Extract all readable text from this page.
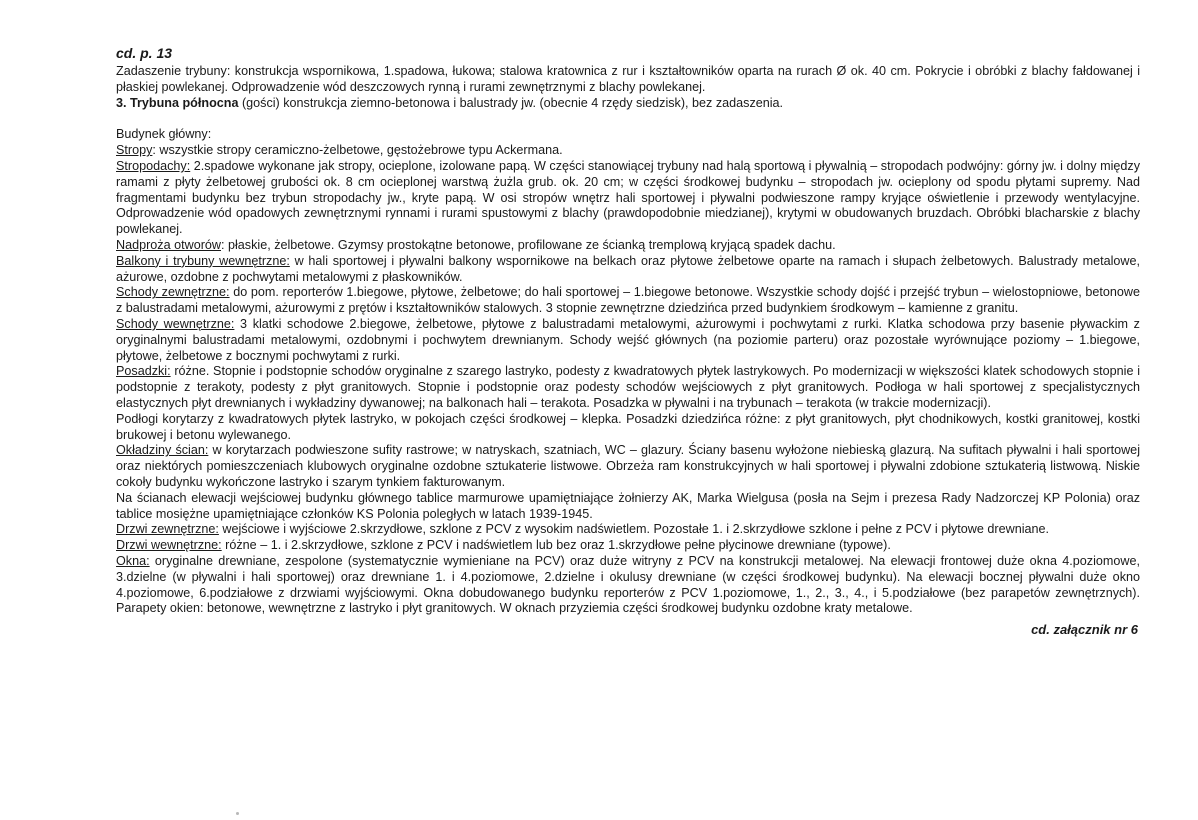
cd. p. 13

Zadaszenie trybuny: konstrukcja wspornikowa, 1.spadowa, łukowa; stalowa kratownica z rur i kształtowników oparta na rurach Ø ok. 40 cm. Pokrycie i obróbki z blachy fałdowanej i płaskiej powlekanej. Odprowadzenie wód deszczowych rynną i rurami zewnętrznymi z blachy powlekanej.

3. Trybuna północna (gości) konstrukcja ziemno-betonowa i balustrady jw. (obecnie 4 rzędy siedzisk), bez zadaszenia.

Budynek główny:

Stropy: wszystkie stropy ceramiczno-żelbetowe, gęstożebrowe typu Ackermana.

Stropodachy: 2.spadowe wykonane jak stropy, ocieplone, izolowane papą. W części stanowiącej trybuny nad halą sportową i pływalnią – stropodach podwójny: górny jw. i dolny między ramami z płyty żelbetowej grubości ok. 8 cm ocieplonej warstwą żużla grub. ok. 20 cm; w części środkowej budynku – stropodach jw. ocieplony od spodu płytami supremy. Nad fragmentami budynku bez trybun stropodachy jw., kryte papą. W osi stropów wnętrz hali sportowej i pływalni podwieszone rampy kryjące oświetlenie i przewody wentylacyjne. Odprowadzenie wód opadowych zewnętrznymi rynnami i rurami spustowymi z blachy (prawdopodobnie miedzianej), krytymi w obudowanych bruzdach. Obróbki blacharskie z blachy powlekanej.

Nadproża otworów: płaskie, żelbetowe. Gzymsy prostokątne betonowe, profilowane ze ścianką tremplową kryjącą spadek dachu.

Balkony i trybuny wewnętrzne: w hali sportowej i pływalni balkony wspornikowe na belkach oraz płytowe żelbetowe oparte na ramach i słupach żelbetowych. Balustrady metalowe, ażurowe, ozdobne z pochwytami metalowymi z płaskowników.

Schody zewnętrzne: do pom. reporterów 1.biegowe, płytowe, żelbetowe; do hali sportowej – 1.biegowe betonowe. Wszystkie schody dojść i przejść trybun – wielostopniowe, betonowe z balustradami metalowymi, ażurowymi z prętów i kształtowników stalowych. 3 stopnie zewnętrzne dziedzińca przed budynkiem środkowym – kamienne z granitu.

Schody wewnętrzne: 3 klatki schodowe 2.biegowe, żelbetowe, płytowe z balustradami metalowymi, ażurowymi i pochwytami z rurki. Klatka schodowa przy basenie pływackim z oryginalnymi balustradami metalowymi, ozdobnymi i pochwytem drewnianym. Schody wejść głównych (na poziomie parteru) oraz pozostałe wyrównujące poziomy – 1.biegowe, płytowe, żelbetowe z bocznymi pochwytami z rurki.

Posadzki: różne. Stopnie i podstopnie schodów oryginalne z szarego lastryko, podesty z kwadratowych płytek lastrykowych. Po modernizacji w większości klatek schodowych stopnie i podstopnie z terakoty, podesty z płyt granitowych. Stopnie i podstopnie oraz podesty schodów wejściowych z płyt granitowych. Podłoga w hali sportowej z specjalistycznych elastycznych płyt drewnianych i wykładziny dywanowej; na balkonach hali – terakota. Posadzka w pływalni i na trybunach – terakota (w trakcie modernizacji).

Podłogi korytarzy z kwadratowych płytek lastryko, w pokojach części środkowej – klepka. Posadzki dziedzińca różne: z płyt granitowych, płyt chodnikowych, kostki granitowej, kostki brukowej i betonu wylewanego.

Okładziny ścian: w korytarzach podwieszone sufity rastrowe; w natryskach, szatniach, WC – glazury. Ściany basenu wyłożone niebieską glazurą. Na sufitach pływalni i hali sportowej oraz niektórych pomieszczeniach klubowych oryginalne ozdobne sztukaterie listwowe. Obrzeża ram konstrukcyjnych w hali sportowej i pływalni zdobione sztukaterią listwową. Niskie cokoły budynku wykończone lastryko i szarym tynkiem fakturowanym.

Na ścianach elewacji wejściowej budynku głównego tablice marmurowe upamiętniające żołnierzy AK, Marka Wielgusa (posła na Sejm i prezesa Rady Nadzorczej KP Polonia) oraz tablice mosiężne upamiętniające członków KS Polonia poległych w latach 1939-1945.

Drzwi zewnętrzne: wejściowe i wyjściowe 2.skrzydłowe, szklone z PCV z wysokim nadświetlem. Pozostałe 1. i 2.skrzydłowe szklone i pełne z PCV i płytowe drewniane.

Drzwi wewnętrzne: różne – 1. i 2.skrzydłowe, szklone z PCV i nadświetlem lub bez oraz 1.skrzydłowe pełne płycinowe drewniane (typowe).

Okna: oryginalne drewniane, zespolone (systematycznie wymieniane na PCV) oraz duże witryny z PCV na konstrukcji metalowej. Na elewacji frontowej duże okna 4.poziomowe, 3.dzielne (w pływalni i hali sportowej) oraz drewniane 1. i 4.poziomowe, 2.dzielne i okulusy drewniane (w części środkowej budynku). Na elewacji bocznej pływalni duże okno 4.poziomowe, 6.podziałowe z drzwiami wyjściowymi. Okna dobudowanego budynku reporterów z PCV 1.poziomowe, 1., 2., 3., 4., i 5.podziałowe (bez parapetów zewnętrznych). Parapety okien: betonowe, wewnętrzne z lastryko i płyt granitowych. W oknach przyziemia części środkowej budynku ozdobne kraty metalowe.

cd. załącznik nr 6
